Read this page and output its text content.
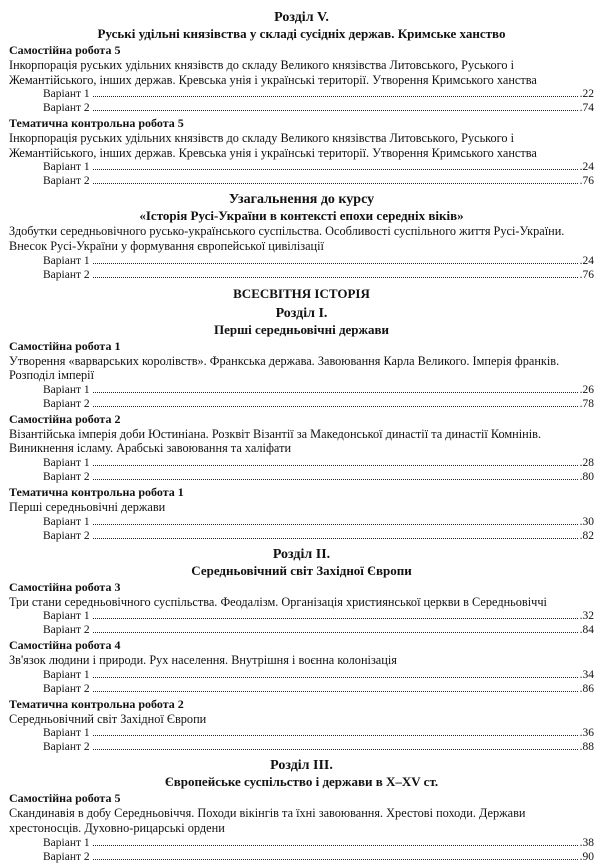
Розділ V.
Руські удільні князівства у складі сусідніх держав. Кримське ханство
Самостійна робота 5
Інкорпорація руських удільних князівств до складу Великого князівства Литовського, Руського і Жемантійського, інших держав. Кревська унія і українські території. Утворення Кримського ханства
Варіант 1	.22
Варіант 2	.74
Тематична контрольна робота 5
Інкорпорація руських удільних князівств до складу Великого князівства Литовського, Руського і Жемантійського, інших держав. Кревська унія і українські території. Утворення Кримського ханства
Варіант 1	.24
Варіант 2	.76
Узагальнення до курсу
«Історія Русі-України в контексті епохи середніх віків»
Здобутки середньовічного русько-українського суспільства. Особливості суспільного життя Русі-України. Внесок Русі-України у формування європейської цивілізації
Варіант 1	.24
Варіант 2	.76
ВСЕСВІТНЯ ІСТОРІЯ
Розділ І.
Перші середньовічні держави
Самостійна робота 1
Утворення «варварських королівств». Франкська держава. Завоювання Карла Великого. Імперія франків. Розподіл імперії
Варіант 1	.26
Варіант 2	.78
Самостійна робота 2
Візантійська імперія доби Юстиніана. Розквіт Візантії за Македонської династії та династії Комнінів. Виникнення ісламу. Арабські завоювання та халіфати
Варіант 1	.28
Варіант 2	.80
Тематична контрольна робота 1
Перші середньовічні держави
Варіант 1	.30
Варіант 2	.82
Розділ ІІ.
Середньовічний світ Західної Європи
Самостійна робота 3
Три стани середньовічного суспільства. Феодалізм. Організація християнської церкви в Середньовіччі
Варіант 1	.32
Варіант 2	.84
Самостійна робота 4
Зв'язок людини і природи. Рух населення. Внутрішня і воєнна колонізація
Варіант 1	.34
Варіант 2	.86
Тематична контрольна робота 2
Середньовічний світ Західної Європи
Варіант 1	.36
Варіант 2	.88
Розділ ІІІ.
Європейське суспільство і держави в X–XV ст.
Самостійна робота 5
Скандинавія в добу Середньовіччя. Походи вікінгів та їхні завоювання. Хрестові походи. Держави хрестоносців. Духовно-рицарські ордени
Варіант 1	.38
Варіант 2	.90
